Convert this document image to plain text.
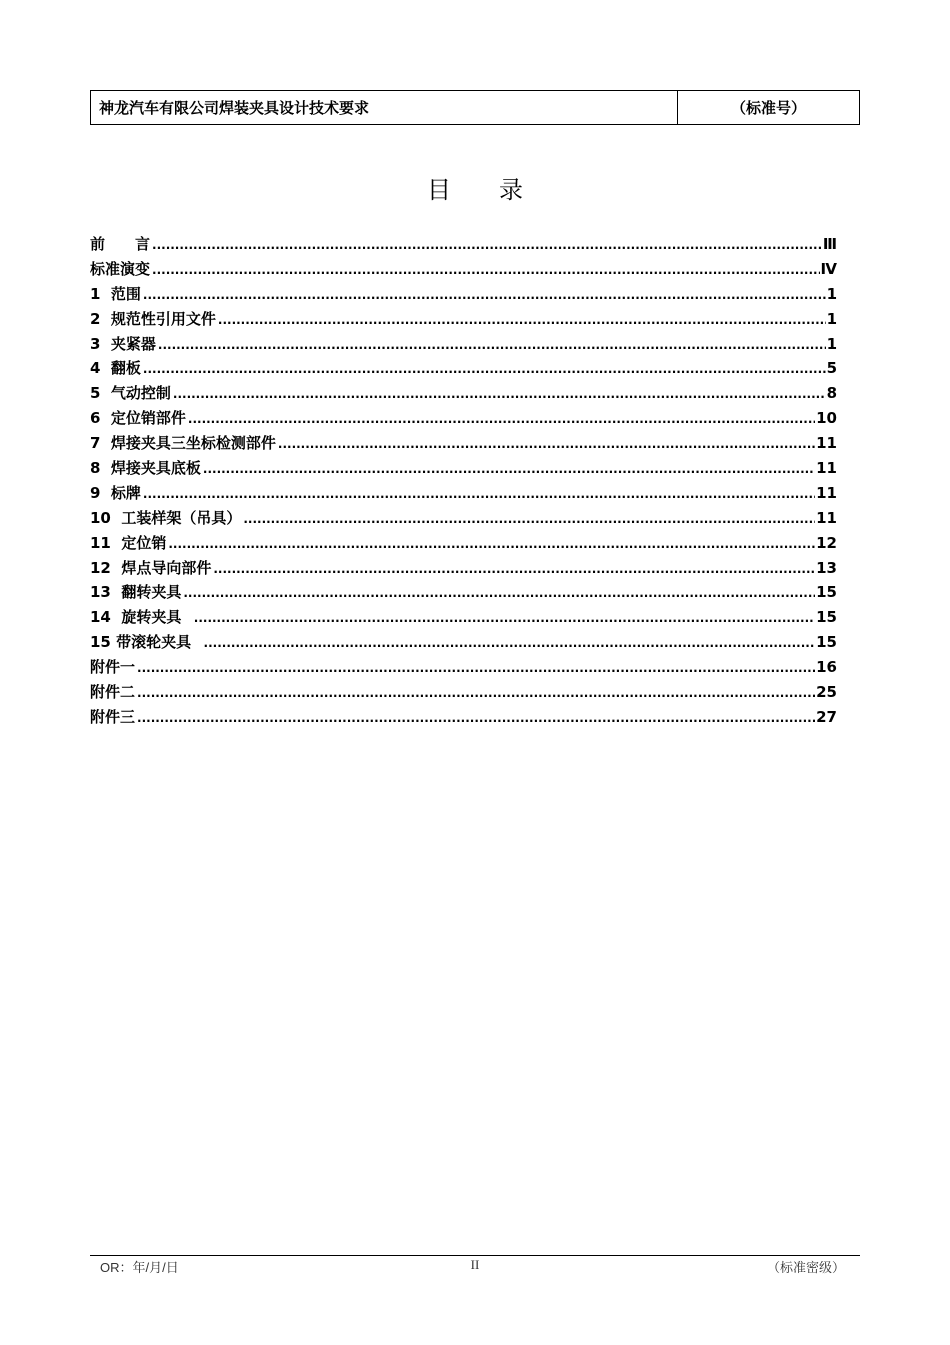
神龙汽车有限公司焊装夹具设计技术要求	（标准号）
目录
前　　言 .....	Ⅲ
标准演变 .....	Ⅳ
1  范围 .....	1
2  规范性引用文件 .....	1
3  夹紧器 .....	1
4  翻板 .....	5
5  气动控制 .....	8
6  定位销部件 .....	10
7  焊接夹具三坐标检测部件 .....	11
8  焊接夹具底板 .....	11
9  标牌 .....	11
10  工装样架（吊具） .....	11
11  定位销 .....	12
12  焊点导向部件 .....	13
13  翻转夹具 .....	15
14  旋转夹具 .....	15
15 带滚轮夹具 .....	15
附件一 .....	16
附件二 .....	25
附件三 .....	27
OR：年/月/日	II	（标准密级）
